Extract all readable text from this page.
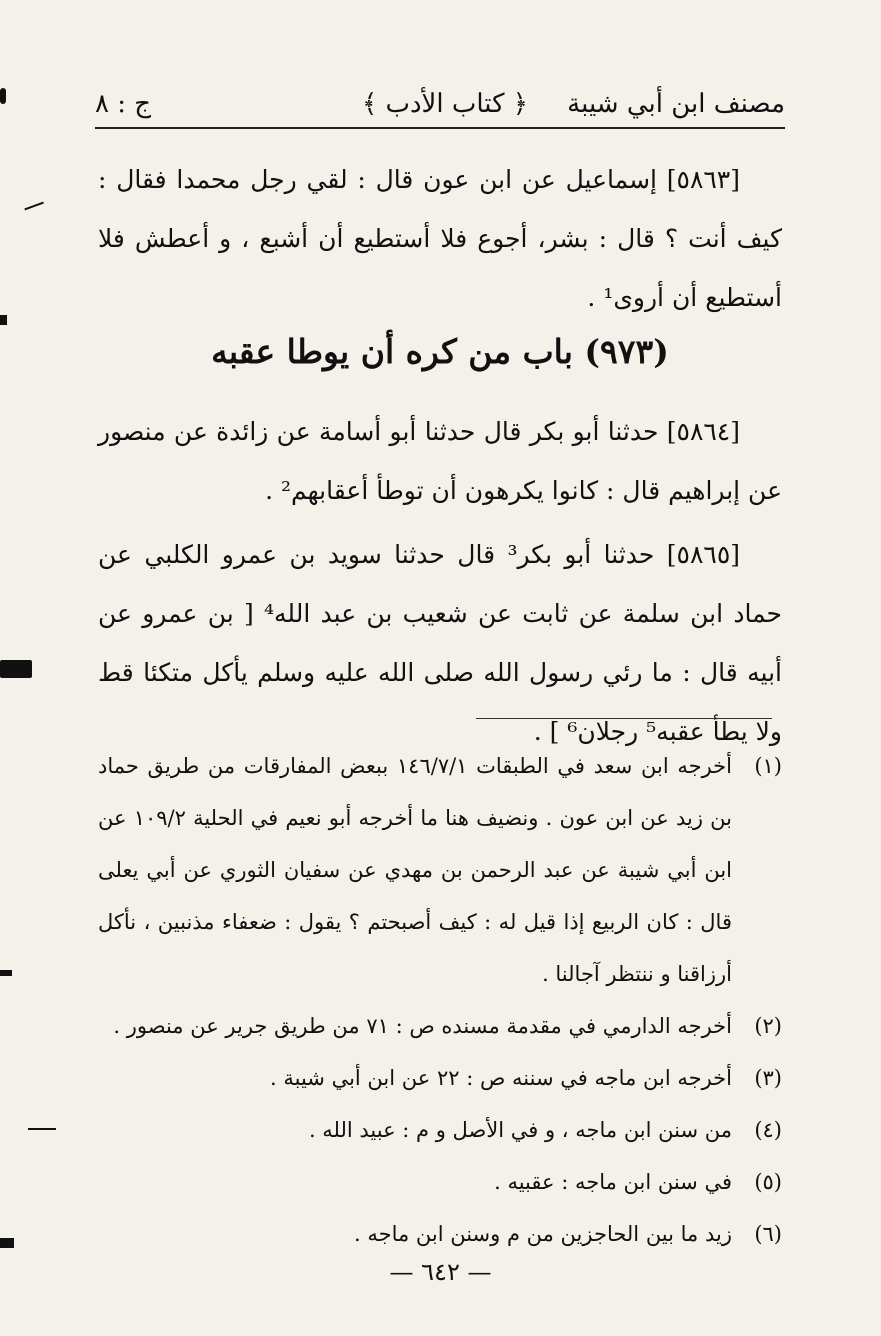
مصنف ابن أبي شيبة
﴿ كتاب الأدب ﴾
ج : ٨

[٥٨٦٣] إسماعيل عن ابن عون قال : لقي رجل محمدا فقال : كيف أنت ؟ قال : بشر، أجوع فلا أستطيع أن أشبع ، و أعطش فلا أستطيع أن أروى¹ .

(٩٧٣) باب من كره أن يوطا عقبه

[٥٨٦٤] حدثنا أبو بكر قال حدثنا أبو أسامة عن زائدة عن منصور عن إبراهيم قال : كانوا يكرهون أن توطأ أعقابهم² .

[٥٨٦٥] حدثنا أبو بكر³ قال حدثنا سويد بن عمرو الكلبي عن حماد ابن سلمة عن ثابت عن شعيب بن عبد الله⁴ [ بن عمرو عن أبيه قال : ما رئي رسول الله صلى الله عليه وسلم يأكل متكئا قط ولا يطأ عقبه⁵ رجلان⁶ ] .

(١)
أخرجه ابن سعد في الطبقات ١٤٦/٧/١ ببعض المفارقات من طريق حماد بن زيد عن ابن عون . ونضيف هنا ما أخرجه أبو نعيم في الحلية ١٠٩/٢ عن ابن أبي شيبة عن عبد الرحمن بن مهدي عن سفيان الثوري عن أبي يعلى قال : كان الربيع إذا قيل له : كيف أصبحتم ؟ يقول : ضعفاء مذنبين ، نأكل أرزاقنا و ننتظر آجالنا .
(٢)
أخرجه الدارمي في مقدمة مسنده ص : ٧١ من طريق جرير عن منصور .
(٣)
أخرجه ابن ماجه في سننه ص : ٢٢ عن ابن أبي شيبة .
(٤)
من سنن ابن ماجه ، و في الأصل و م : عبيد الله .
(٥)
في سنن ابن ماجه : عقبيه .
(٦)
زيد ما بين الحاجزين من م وسنن ابن ماجه .
— ٦٤٢ —
